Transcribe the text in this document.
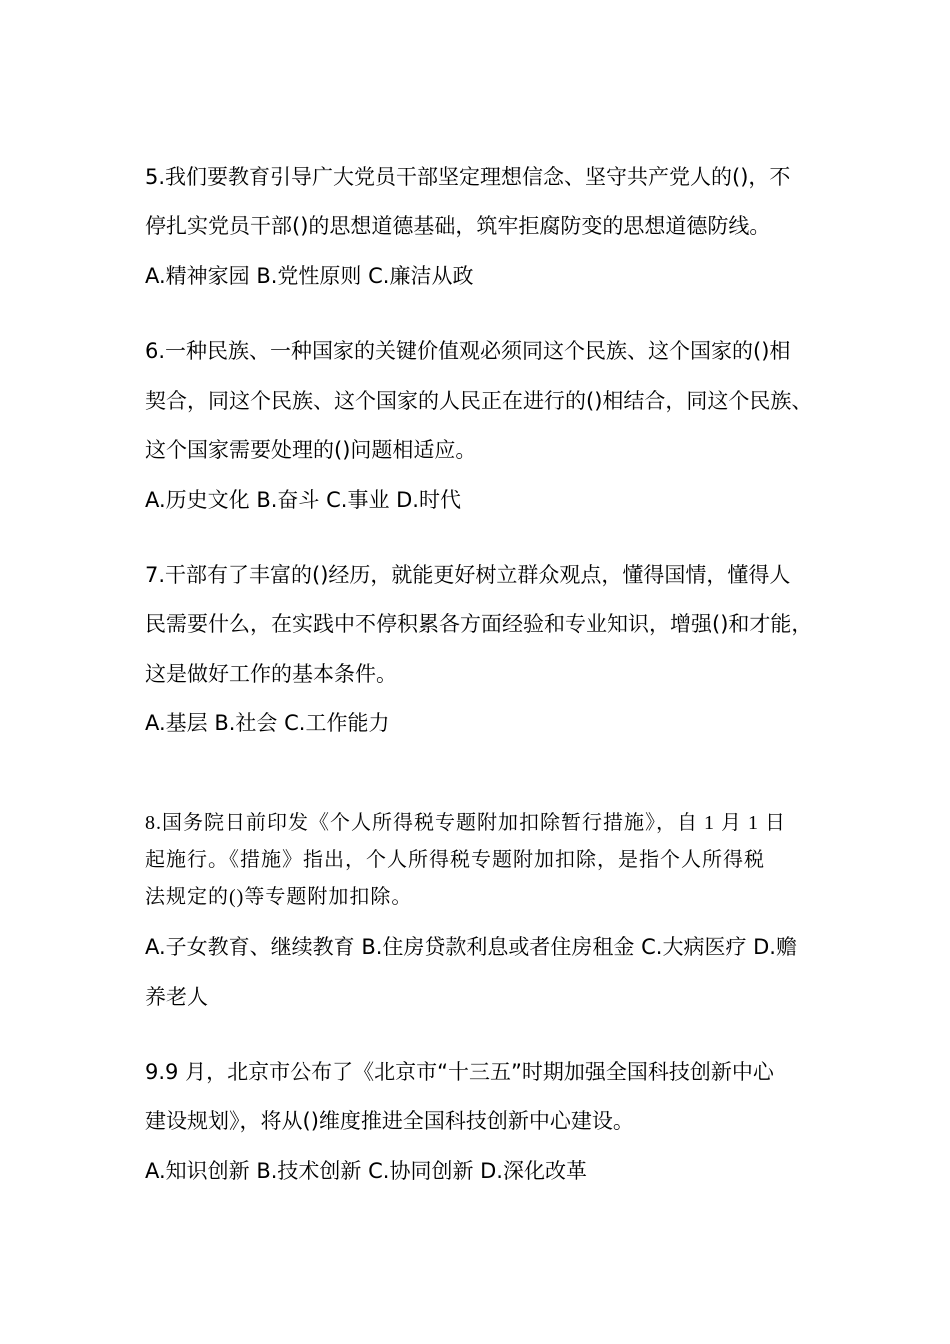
5.我们要教育引导广大党员干部坚定理想信念、坚守共产党人的()，不
停扎实党员干部()的思想道德基础，筑牢拒腐防变的思想道德防线。
A.精神家园 B.党性原则 C.廉洁从政
6.一种民族、一种国家的关键价值观必须同这个民族、这个国家的()相
契合，同这个民族、这个国家的人民正在进行的()相结合，同这个民族、
这个国家需要处理的()问题相适应。
A.历史文化 B.奋斗 C.事业 D.时代
7.干部有了丰富的()经历，就能更好树立群众观点，懂得国情，懂得人
民需要什么，在实践中不停积累各方面经验和专业知识，增强()和才能，
这是做好工作的基本条件。
A.基层 B.社会 C.工作能力
8.国务院日前印发《个人所得税专题附加扣除暂行措施》，自 1 月 1 日
起施行。《措施》指出，个人所得税专题附加扣除，是指个人所得税
法规定的()等专题附加扣除。
A.子女教育、继续教育 B.住房贷款利息或者住房租金 C.大病医疗 D.赡
养老人
9.9 月，北京市公布了《北京市“十三五”时期加强全国科技创新中心
建设规划》，将从()维度推进全国科技创新中心建设。
A.知识创新 B.技术创新 C.协同创新 D.深化改革
